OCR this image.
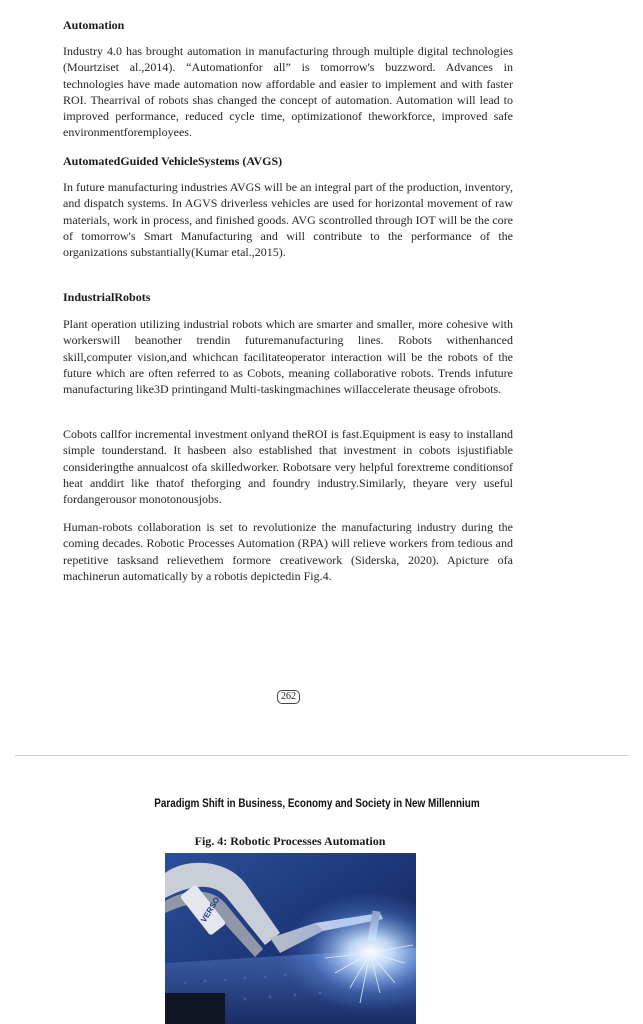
Automation

Industry 4.0 has brought automation in manufacturing through multiple digital technologies (Mourtziset al.,2014). “Automationfor all” is tomorrow's buzzword. Advances in technologies have made automation now affordable and easier to implement and with faster ROI. Thearrival of robots shas changed the concept of automation. Automation will lead to improved performance, reduced cycle time, optimizationof theworkforce, improved safe environmentforemployees.

AutomatedGuided VehicleSystems (AVGS)

In future manufacturing industries AVGS will be an integral part of the production, inventory, and dispatch systems. In AGVS driverless vehicles are used for horizontal movement of raw materials, work in process, and finished goods. AVG scontrolled through IOT will be the core of tomorrow's Smart Manufacturing and will contribute to the performance of the organizations substantially(Kumar etal.,2015).

IndustrialRobots

Plant operation utilizing industrial robots which are smarter and smaller, more cohesive with workerswill beanother trendin futuremanufacturing lines. Robots withenhanced skill,computer vision,and whichcan facilitateoperator interaction will be the robots of the future which are often referred to as Cobots, meaning collaborative robots. Trends infuture manufacturing like3D printingand Multi-taskingmachines willaccelerate theusage ofrobots.

Cobots callfor incremental investment onlyand theROI is fast.Equipment is easy to installand simple tounderstand. It hasbeen also established that investment in cobots isjustifiable consideringthe annualcost ofa skilledworker. Robotsare very helpful forextreme conditionsof heat anddirt like thatof theforging and foundry industry.Similarly, theyare very useful fordangerousor monotonousjobs.

Human-robots collaboration is set to revolutionize the manufacturing industry during the coming decades. Robotic Processes Automation (RPA) will relieve workers from tedious and repetitive tasksand relievethem formore creativework (Siderska, 2020). Apicture ofa machinerun automatically by a robotis depictedin Fig.4.

262
Paradigm Shift in Business, Economy and Society in New Millennium
Fig. 4: Robotic Processes Automation
